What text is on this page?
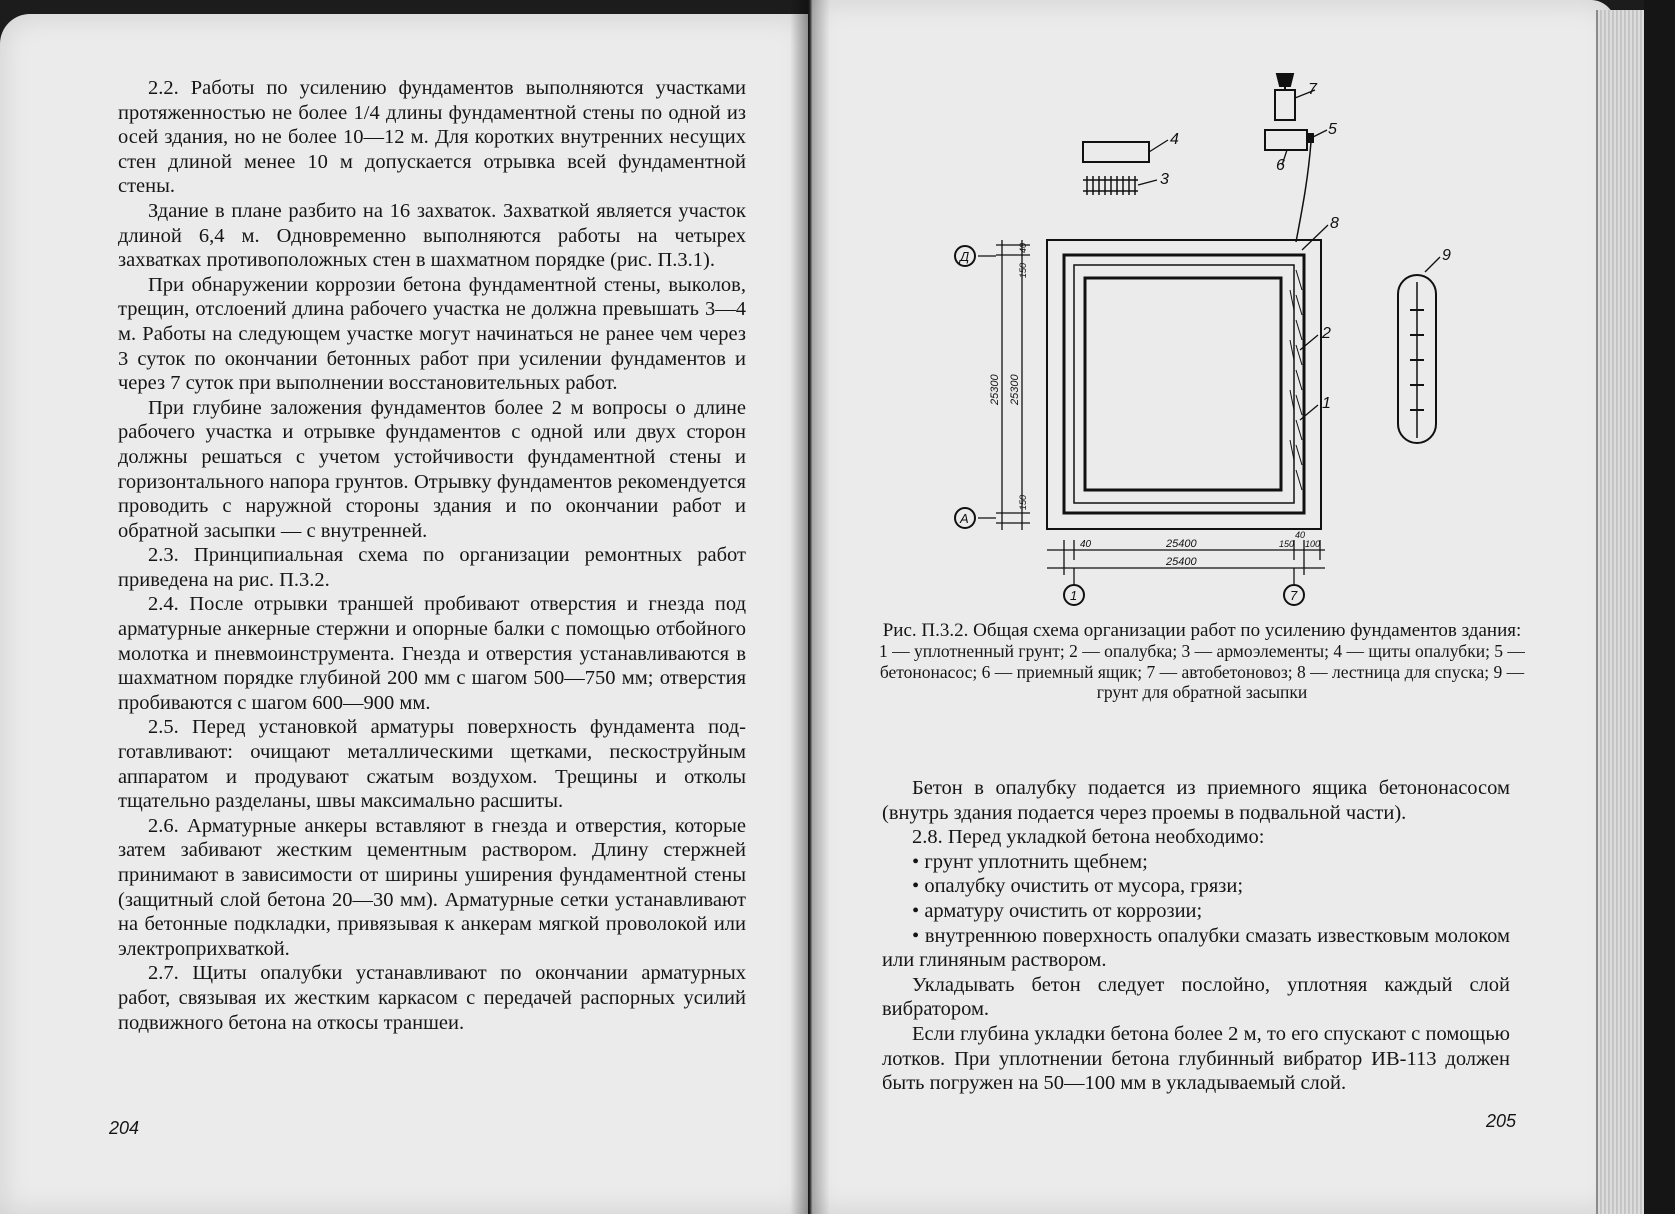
2.2. Работы по усилению фундаментов выполняются участками протяженностью не более 1/4 длины фундаментной стены по одной из осей здания, но не более 10—12 м. Для коротких внутренних несущих стен длиной менее 10 м допускается отрывка всей фундаментной стены.

Здание в плане разбито на 16 захваток. Захваткой является участок длиной 6,4 м. Одновременно выполняются работы на четырех захватках противоположных стен в шахматном порядке (рис. П.3.1).

При обнаружении коррозии бетона фундаментной стены, выколов, трещин, отслоений длина рабочего участка не должна превышать 3—4 м. Работы на следующем участке могут начинаться не ранее чем через 3 суток по окончании бетонных работ при усилении фундаментов и через 7 суток при выполнении восстановительных работ.

При глубине заложения фундаментов более 2 м вопросы о длине рабочего участка и отрывке фундаментов с одной или двух сторон должны решаться с учетом устойчивости фундаментной стены и горизонтального напора грунтов. Отрывку фундаментов рекомендуется проводить с наружной стороны здания и по окончании работ и обратной засыпки — с внутренней.

2.3. Принципиальная схема по организации ремонтных работ приведена на рис. П.3.2.

2.4. После отрывки траншей пробивают отверстия и гнезда под арматурные анкерные стержни и опорные балки с помощью отбойного молотка и пневмоинструмента. Гнезда и отверстия устанавливаются в шахматном порядке глубиной 200 мм с шагом 500—750 мм; отверстия пробиваются с шагом 600—900 мм.

2.5. Перед установкой арматуры поверхность фундамента подготавливают: очищают металлическими щетками, пескоструйным аппаратом и продувают сжатым воздухом. Трещины и отколы тщательно разделаны, швы максимально расшиты.

2.6. Арматурные анкеры вставляют в гнезда и отверстия, которые затем забивают жестким цементным раствором. Длину стержней принимают в зависимости от ширины уширения фундаментной стены (защитный слой бетона 20—30 мм). Арматурные сетки устанавливают на бетонные подкладки, привязывая к анкерам мягкой проволокой или электроприхваткой.

2.7. Щиты опалубки устанавливают по окончании арматурных работ, связывая их жестким каркасом с передачей распорных усилий подвижного бетона на откосы траншеи.

204
7
5
6
4
3
8
2
1
9
Д
А
1	7
25300 25300
40
150
150
40	25400
25400
150
40
100
Рис. П.3.2. Общая схема организации работ по усилению фундаментов здания:
1 — уплотненный грунт; 2 — опалубка; 3 — армоэлементы; 4 — щиты опалубки; 5 — бетононасос; 6 — приемный ящик; 7 — автобетоновоз; 8 — лестница для спуска; 9 — грунт для обратной засыпки

Бетон в опалубку подается из приемного ящика бетононасосом (внутрь здания подается через проемы в подвальной части).

2.8. Перед укладкой бетона необходимо:

• грунт уплотнить щебнем;

• опалубку очистить от мусора, грязи;

• арматуру очистить от коррозии;

• внутреннюю поверхность опалубки смазать известковым молоком или глиняным раствором.

Укладывать бетон следует послойно, уплотняя каждый слой вибратором.

Если глубина укладки бетона более 2 м, то его спускают с помощью лотков. При уплотнении бетона глубинный вибратор ИВ-113 должен быть погружен на 50—100 мм в укладываемый слой.

205
